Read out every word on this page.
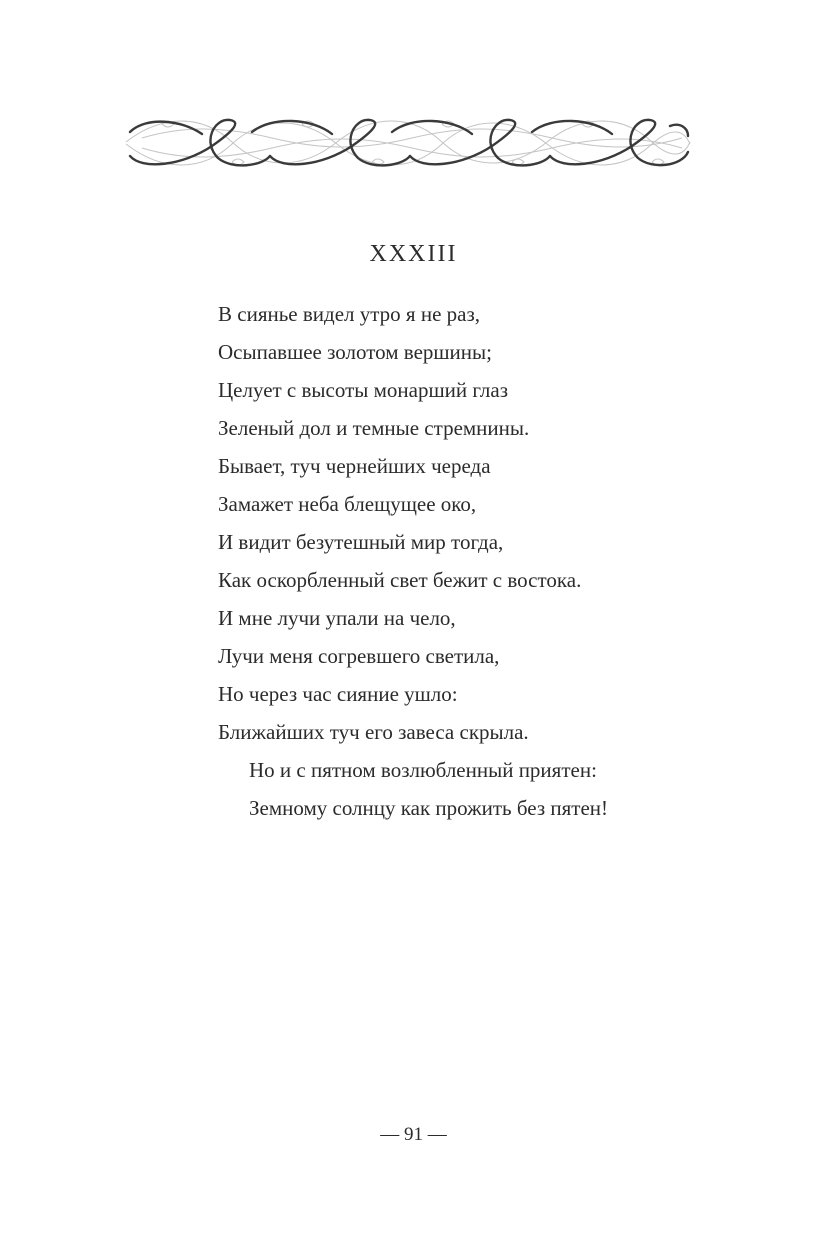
XXXIII
В сиянье видел утро я не раз,
Осыпавшее золотом вершины;
Целует с высоты монарший глаз
Зеленый дол и темные стремнины.
Бывает, туч чернейших череда
Замажет неба блещущее око,
И видит безутешный мир тогда,
Как оскорбленный свет бежит с востока.
И мне лучи упали на чело,
Лучи меня согревшего светила,
Но через час сияние ушло:
Ближайших туч его завеса скрыла.
Но и с пятном возлюбленный приятен:
Земному солнцу как прожить без пятен!
— 91 —
